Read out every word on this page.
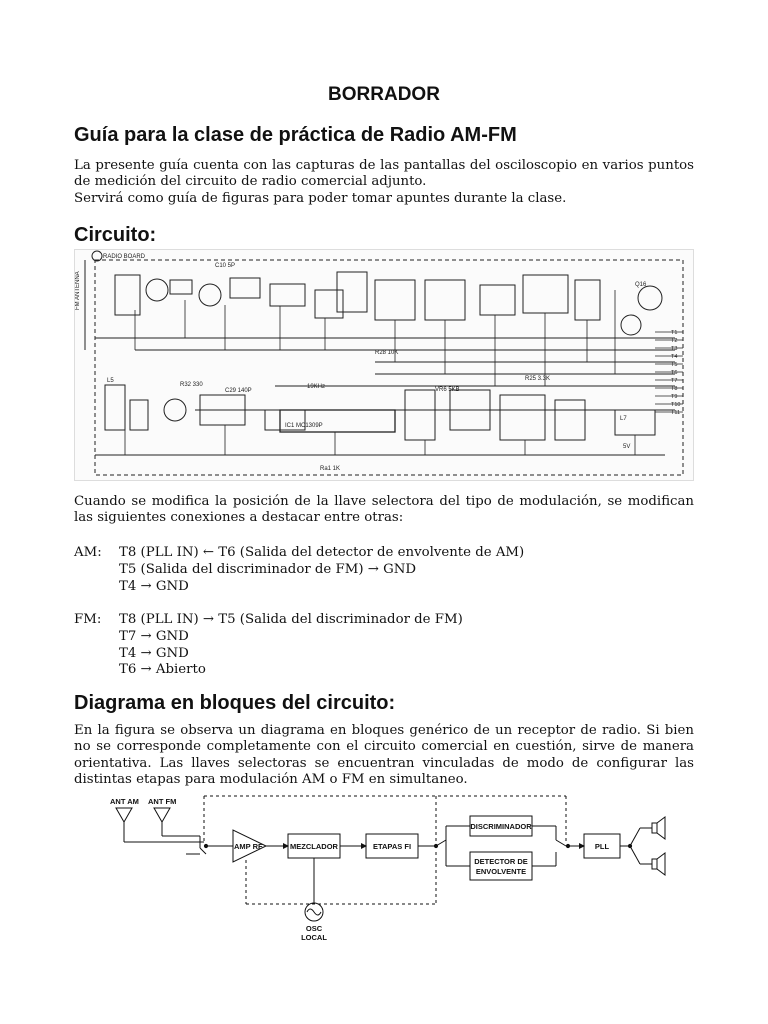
BORRADOR
Guía para la clase de práctica de Radio AM-FM

La presente guía cuenta con las capturas de las pantallas del osciloscopio en varios puntos de medición del circuito de radio comercial adjunto.

Servirá como guía de figuras para poder tomar apuntes durante la clase.

Circuito:
RADIO BOARD
FM ANTENNA
C10 5P
R32 330
C29 140P
IC1 MC1309P
19KHz
R28 10K
R25 3.3K
VR6 5KB
Ra1 1K
5V
Q16
L7
L5
T1
T2
T3
T4
T5
T6
T7
T8
T9
T10
T11
Cuando se modifica la posición de la llave selectora del tipo de modulación, se modifican las siguientes conexiones a destacar entre otras:
AM:	T8 (PLL IN) ← T6 (Salida del detector de envolvente de AM)
T5 (Salida del discriminador de FM) → GND
T4 → GND
FM:	T8 (PLL IN) → T5 (Salida del discriminador de FM)
T7 → GND
T4 → GND
T6 → Abierto
Diagrama en bloques del circuito:
En la figura se observa un diagrama en bloques genérico de un receptor de radio. Si bien no se corresponde completamente con el circuito comercial en cuestión, sirve de manera orientativa. Las llaves selectoras se encuentran vinculadas de modo de configurar las distintas etapas para modulación AM o FM en simultaneo.
ANT AM ANT FM
AMP RF	MEZCLADOR	ETAPAS FI
DISCRIMINADOR
DETECTOR DE
ENVOLVENTE
PLL
OSC
LOCAL
